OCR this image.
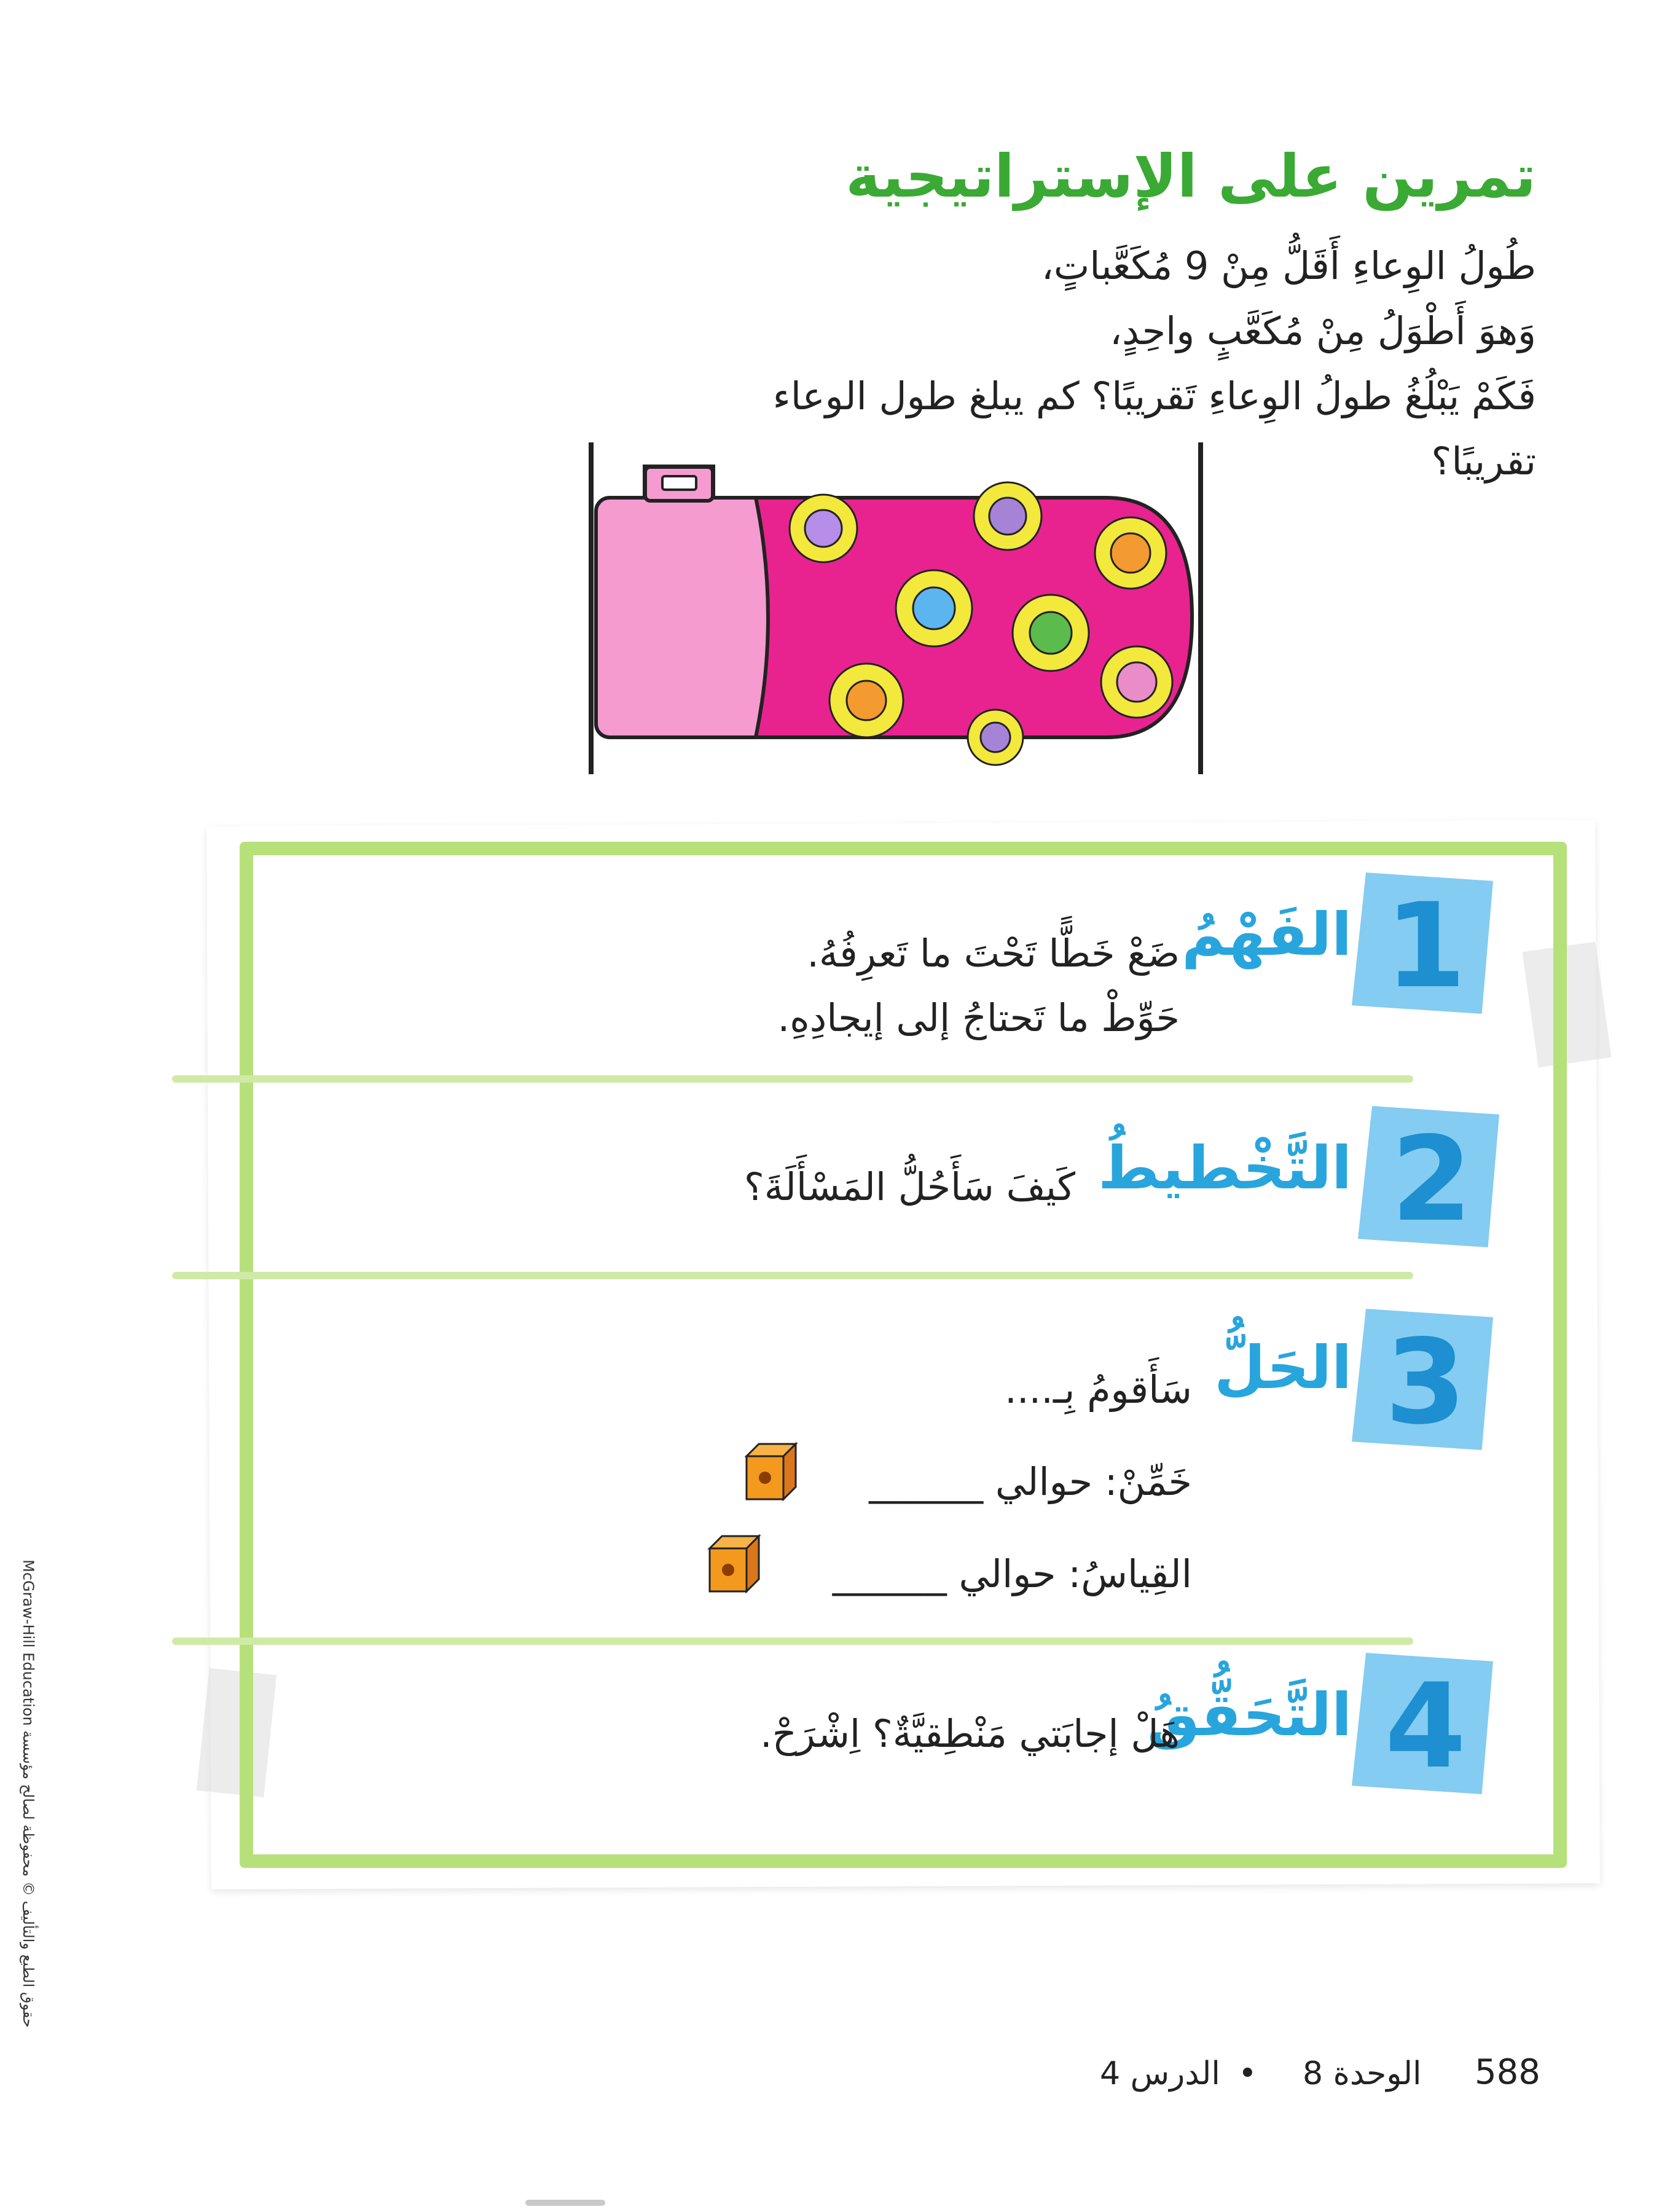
تمرين على الإستراتيجية

طُولُ الوِعاءِ أَقَلُّ مِنْ 9 مُكَعَّباتٍ،

وَهوَ أَطْوَلُ مِنْ مُكَعَّبٍ واحِدٍ،

فَكَمْ يَبْلُغُ طولُ الوِعاءِ تَقريبًا؟ كم يبلغ طول الوعاء

تقريبًا؟

1
الفَهْمُ
ضَعْ خَطًّا تَحْتَ ما تَعرِفُهُ.
حَوِّطْ ما تَحتاجُ إلى إيجادِهِ.
2
التَّخْطيطُ
كَيفَ سَأَحُلُّ المَسْأَلَةَ؟
3
الحَلُّ
سَأَقومُ بِـ....
خَمِّنْ: حوالي ______
القِياسُ: حوالي ______
4
التَّحَقُّقُ
هَلْ إجابَتي مَنْطِقيَّةٌ؟ اِشْرَحْ.
حقوق الطبع والتأليف © محفوظة لصالح مؤسسة McGraw-Hill Education
588
الوحدة 8
•
الدرس 4
